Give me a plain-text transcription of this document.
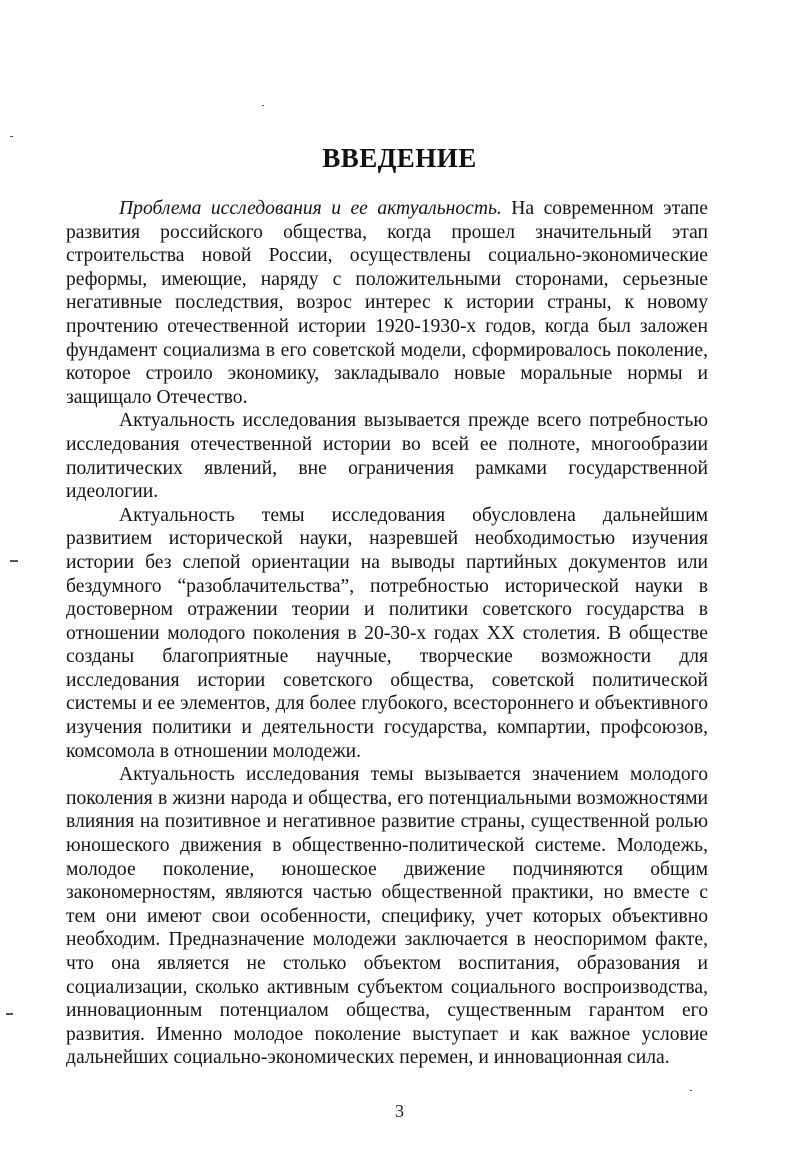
ВВЕДЕНИЕ

Проблема исследования и ее актуальность. На современном этапе развития российского общества, когда прошел значительный этап строительства новой России, осуществлены социально-экономические реформы, имеющие, наряду с положительными сторонами, серьезные негативные последствия, возрос интерес к истории страны, к новому прочтению отечественной истории 1920-1930-х годов, когда был заложен фундамент социализма в его советской модели, сформировалось поколение, которое строило экономику, закладывало новые моральные нормы и защищало Отечество.

Актуальность исследования вызывается прежде всего потребностью исследования отечественной истории во всей ее полноте, многообразии политических явлений, вне ограничения рамками государственной идеологии.

Актуальность темы исследования обусловлена дальнейшим развитием исторической науки, назревшей необходимостью изучения истории без слепой ориентации на выводы партийных документов или бездумного “разоблачительства”, потребностью исторической науки в достоверном отражении теории и политики советского государства в отношении молодого поколения в 20-30-х годах XX столетия. В обществе созданы благоприятные научные, творческие возможности для исследования истории советского общества, советской политической системы и ее элементов, для более глубокого, всестороннего и объективного изучения политики и деятельности государства, компартии, профсоюзов, комсомола в отношении молодежи.

Актуальность исследования темы вызывается значением молодого поколения в жизни народа и общества, его потенциальными возможностями влияния на позитивное и негативное развитие страны, существенной ролью юношеского движения в общественно-политической системе. Молодежь, молодое поколение, юношеское движение подчиняются общим закономерностям, являются частью общественной практики, но вместе с тем они имеют свои особенности, специфику, учет которых объективно необходим. Предназначение молодежи заключается в неоспоримом факте, что она является не столько объектом воспитания, образования и социализации, сколько активным субъектом социального воспроизводства, инновационным потенциалом общества, существенным гарантом его развития. Именно молодое поколение выступает и как важное условие дальнейших социально-экономических перемен, и инновационная сила.

3
